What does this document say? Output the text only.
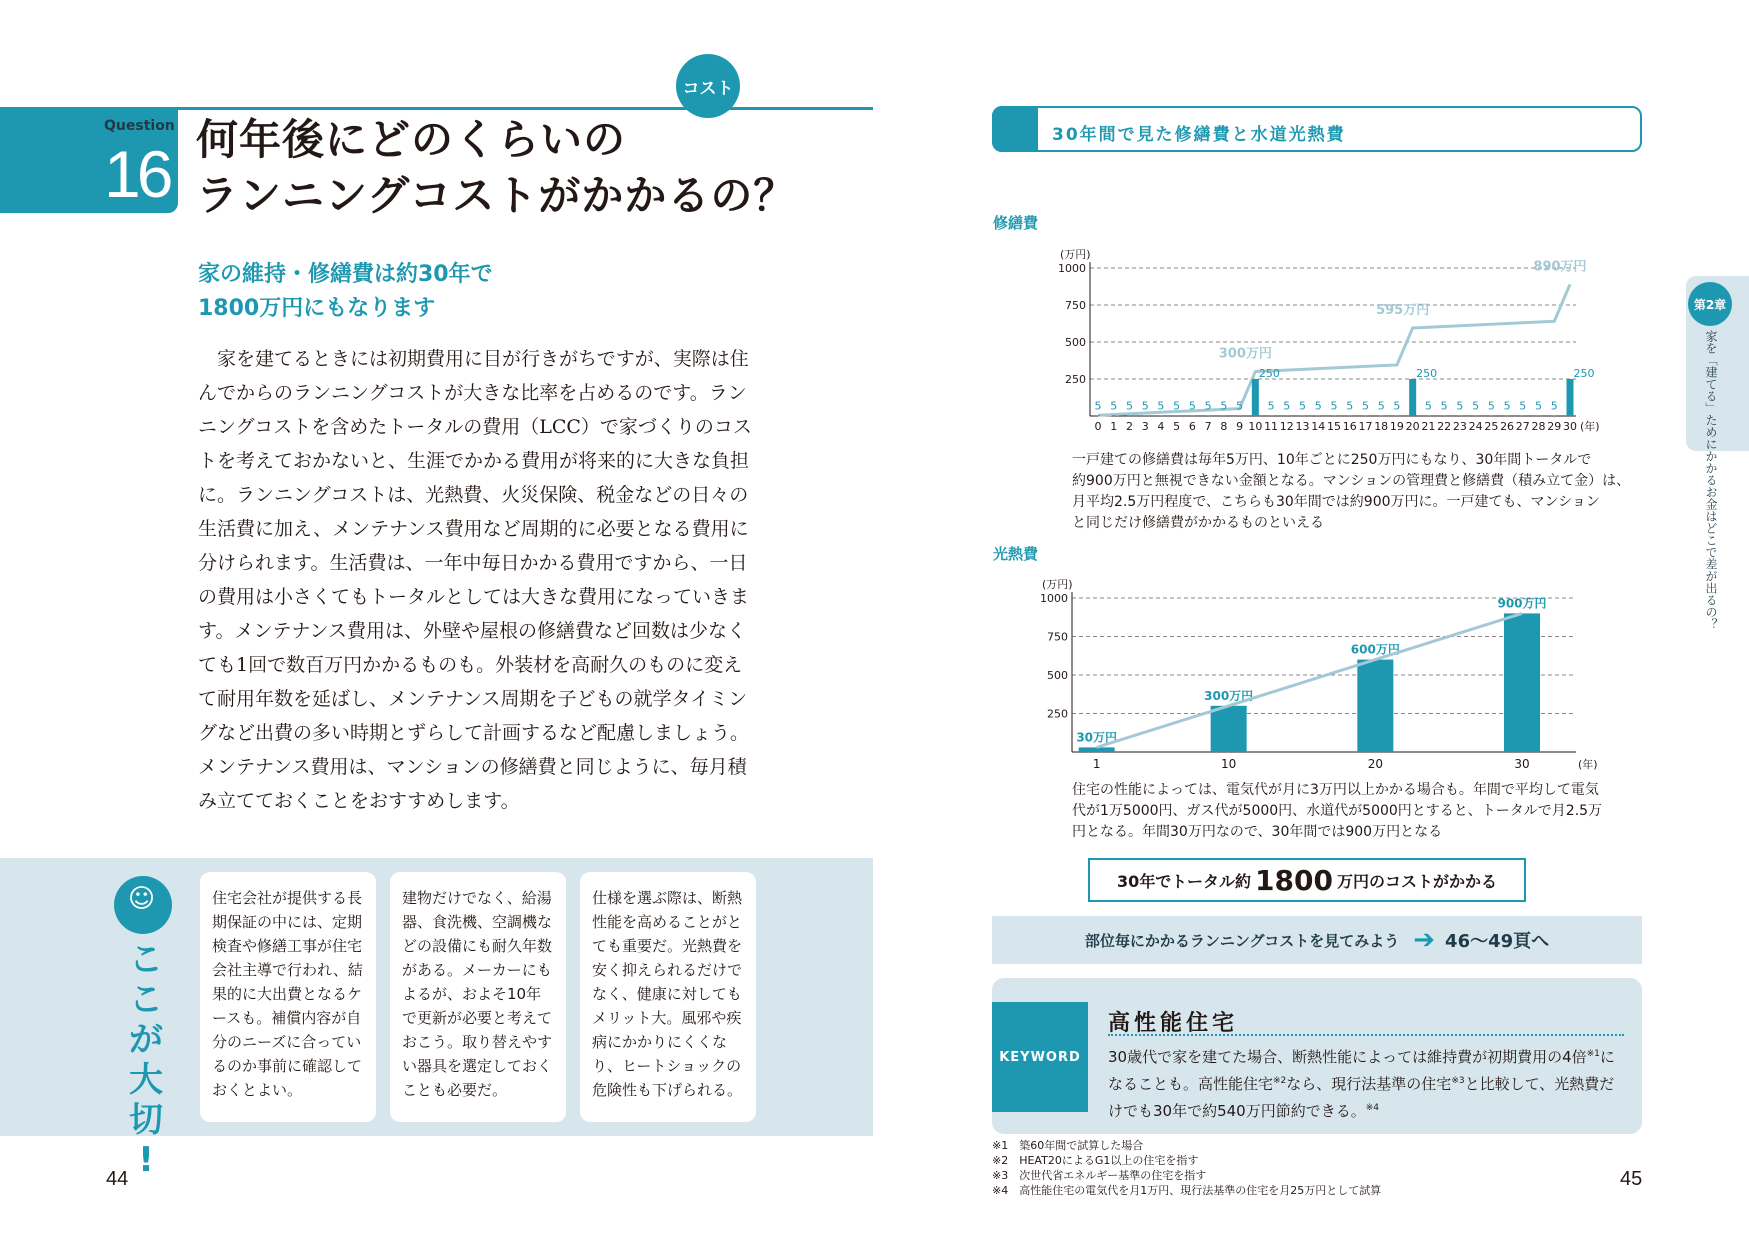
Question
16
コスト
何年後にどのくらいの
ランニングコストがかかるの？
家の維持・修繕費は約30年で
1800万円にもなります
　家を建てるときには初期費用に目が行きがちですが、実際は住
んでからのランニングコストが大きな比率を占めるのです。ラン
ニングコストを含めたトータルの費用（LCC）で家づくりのコス
トを考えておかないと、生涯でかかる費用が将来的に大きな負担
に。ランニングコストは、光熱費、火災保険、税金などの日々の
生活費に加え、メンテナンス費用など周期的に必要となる費用に
分けられます。生活費は、一年中毎日かかる費用ですから、一日
の費用は小さくてもトータルとしては大きな費用になっていきま
す。メンテナンス費用は、外壁や屋根の修繕費など回数は少なく
ても1回で数百万円かかるものも。外装材を高耐久のものに変え
て耐用年数を延ばし、メンテナンス周期を子どもの就学タイミン
グなど出費の多い時期とずらして計画するなど配慮しましょう。
メンテナンス費用は、マンションの修繕費と同じように、毎月積
み立てておくことをおすすめします。
☺
こ
こ
が
大
切
!
住宅会社が提供する長期保証の中には、定期検査や修繕工事が住宅会社主導で行われ、結果的に大出費となるケースも。補償内容が自分のニーズに合っているのか事前に確認しておくとよい。
建物だけでなく、給湯器、食洗機、空調機などの設備にも耐久年数がある。メーカーにもよるが、およそ10年で更新が必要と考えておこう。取り替えやすい器具を選定しておくことも必要だ。
仕様を選ぶ際は、断熱性能を高めることがとても重要だ。光熱費を安く抑えられるだけでなく、健康に対してもメリット大。風邪や疾病にかかりにくくなり、ヒートショックの危険性も下げられる。
44
30年間で見た修繕費と水道光熱費
第2章
家を「建てる」ためにかかるお金はどこで差が出るの？
修繕費
(万円)
250
500
750
1000
5
0
5
1
5
2
5
3
5
4
5
5
5
6
5
7
5
8
5
9
250
10
5
11
5
12
5
13
5
14
5
15
5
16
5
17
5
18
5
19
250
20
5
21
5
22
5
23
5
24
5
25
5
26
5
27
5
28
5
29
250
30 (年)
300万円
595万円
890万円
一戸建ての修繕費は毎年5万円、10年ごとに250万円にもなり、30年間トータルで
約900万円と無視できない金額となる。マンションの管理費と修繕費（積み立て金）は、
月平均2.5万円程度で、こちらも30年間では約900万円に。一戸建ても、マンション
と同じだけ修繕費がかかるものといえる
光熱費
(万円)
250
500
750
1000
1
30万円
10
300万円
20
600万円
30
900万円
(年)
住宅の性能によっては、電気代が月に3万円以上かかる場合も。年間で平均して電気
代が1万5000円、ガス代が5000円、水道代が5000円とすると、トータルで月2.5万
円となる。年間30万円なので、30年間では900万円となる
30年でトータル約 1800 万円のコストがかかる
部位毎にかかるランニングコストを見てみよう ➔ 46〜49頁へ
KEYWORD
高性能住宅
30歳代で家を建てた場合、断熱性能によっては維持費が初期費用の4倍$^{※1}$になることも。高性能住宅$^{※2}$なら、現行法基準の住宅$^{※3}$と比較して、光熱費だけでも30年で約540万円節約できる。$^{※4}$
※1　築60年間で試算した場合
※2　HEAT20によるG1以上の住宅を指す
※3　次世代省エネルギー基準の住宅を指す
※4　高性能住宅の電気代を月1万円、現行法基準の住宅を月25万円として試算
45
